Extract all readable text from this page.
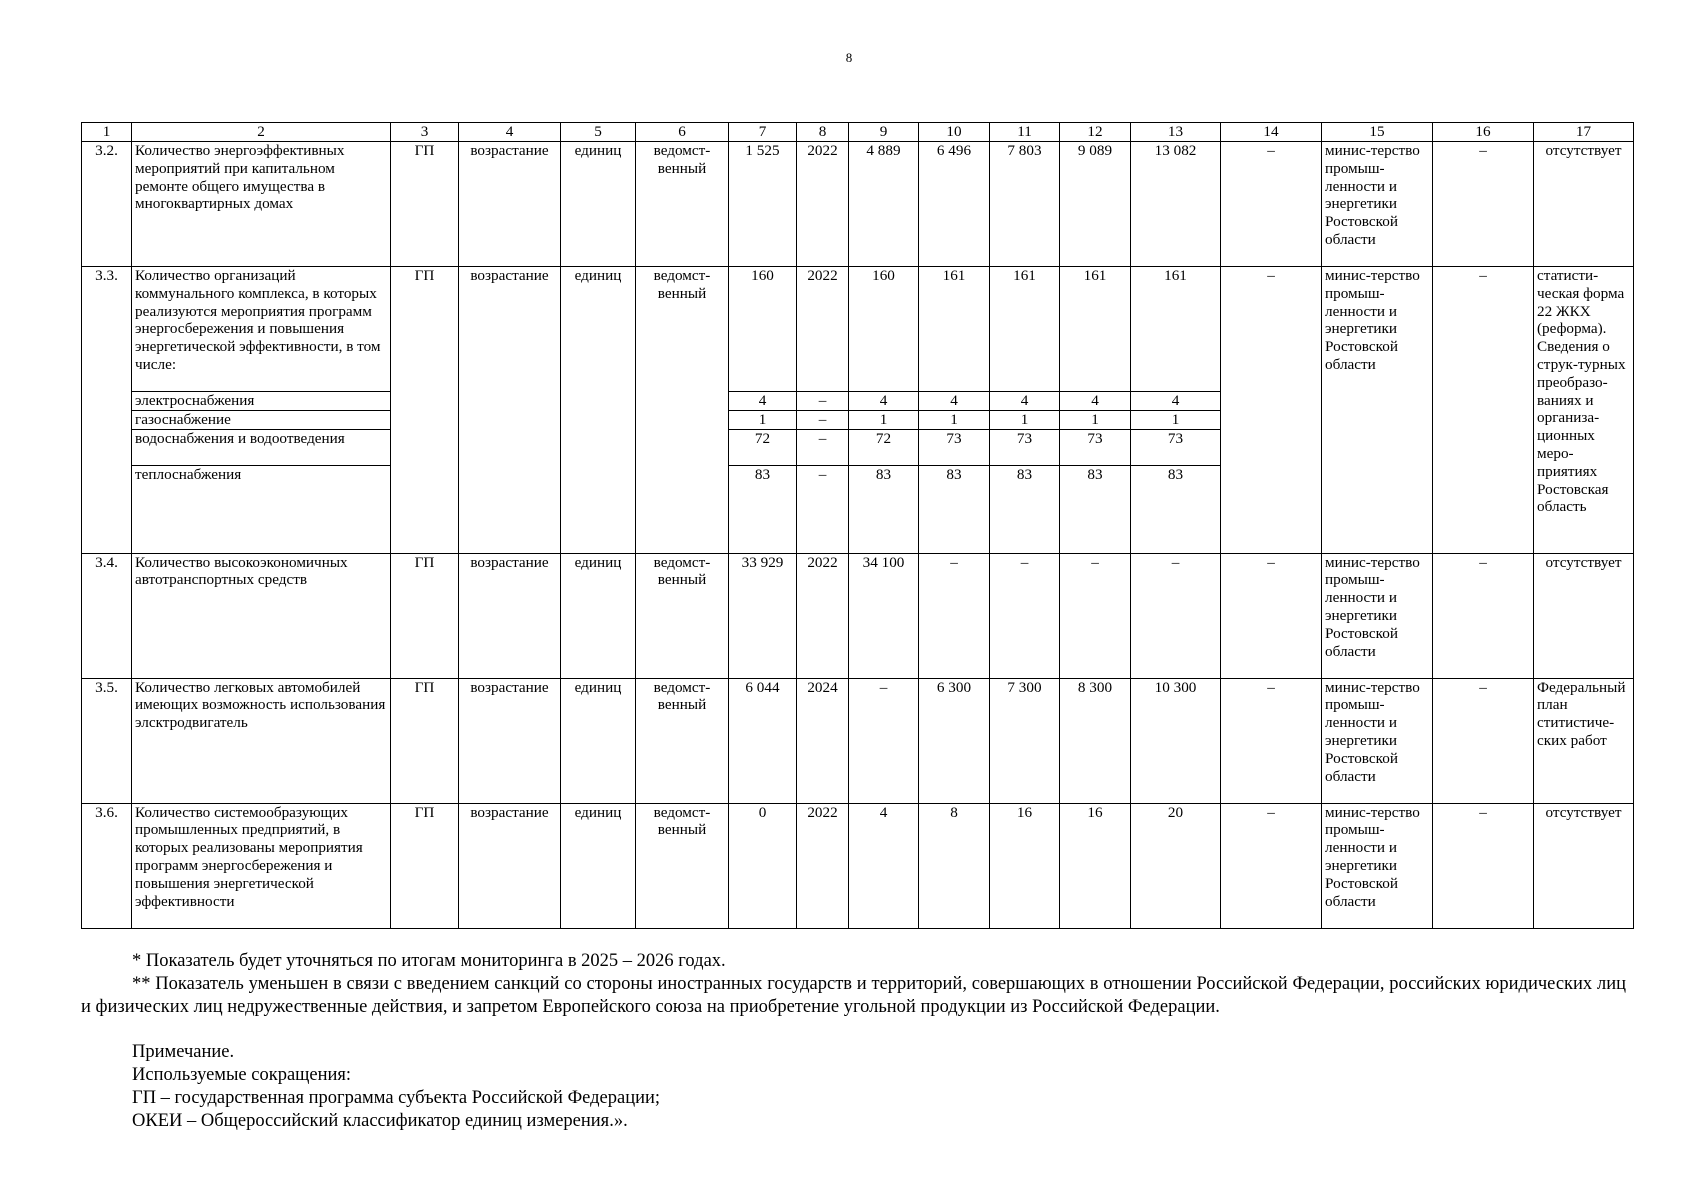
8
1	2	3	4	5	6	7	8	9	10	11	12	13	14	15	16	17
3.2.	Количество энергоэффективных мероприятий при капитальном ремонте общего имущества в многоквартирных домах	ГП	возрастание	единиц	ведомст-венный	1 525	2022	4 889	6 496	7 803	9 089	13 082	–	минис-терство промыш-ленности и энергетики Ростовской области	–	отсутствует
3.3.	Количество организаций коммунального комплекса, в которых реализуются мероприятия программ энергосбережения и повышения энергетической эффективности, в том числе:	ГП	возрастание	единиц	ведомст-венный	160	2022	160	161	161	161	161	–	минис-терство промыш-ленности и энергетики Ростовской области	–	статисти-ческая форма 22 ЖКХ (реформа). Сведения о струк-турных преобразо-ваниях и организа-ционных меро-приятиях Ростовская область
	электроснабжения					4	–	4	4	4	4	4				
	газоснабжение					1	–	1	1	1	1	1				
	водоснабжения и водоотведения					72	–	72	73	73	73	73				
	теплоснабжения					83	–	83	83	83	83	83				
3.4.	Количество высокоэкономичных автотранспортных средств	ГП	возрастание	единиц	ведомст-венный	33 929	2022	34 100	–	–	–	–	–	минис-терство промыш-ленности и энергетики Ростовской области	–	отсутствует
3.5.	Количество легковых автомобилей имеющих возможность использования элсктродвигатель	ГП	возрастание	единиц	ведомст-венный	6 044	2024	–	6 300	7 300	8 300	10 300	–	минис-терство промыш-ленности и энергетики Ростовской области	–	Федеральный план ститистиче-ских работ
3.6.	Количество системообразующих промышленных предприятий, в которых реализованы мероприятия программ энергосбережения и повышения энергетической эффективности	ГП	возрастание	единиц	ведомст-венный	0	2022	4	8	16	16	20	–	минис-терство промыш-ленности и энергетики Ростовской области	–	отсутствует

* Показатель будет уточняться по итогам мониторинга в 2025 – 2026 годах.

** Показатель уменьшен в связи с введением санкций со стороны иностранных государств и территорий, совершающих в отношении Российской Федерации, российских юридических лиц и физических лиц недружественные действия, и запретом Европейского союза на приобретение угольной продукции из Российской Федерации.

Примечание.

Используемые сокращения:

ГП – государственная программа субъекта Российской Федерации;

ОКЕИ – Общероссийский классификатор единиц измерения.».
